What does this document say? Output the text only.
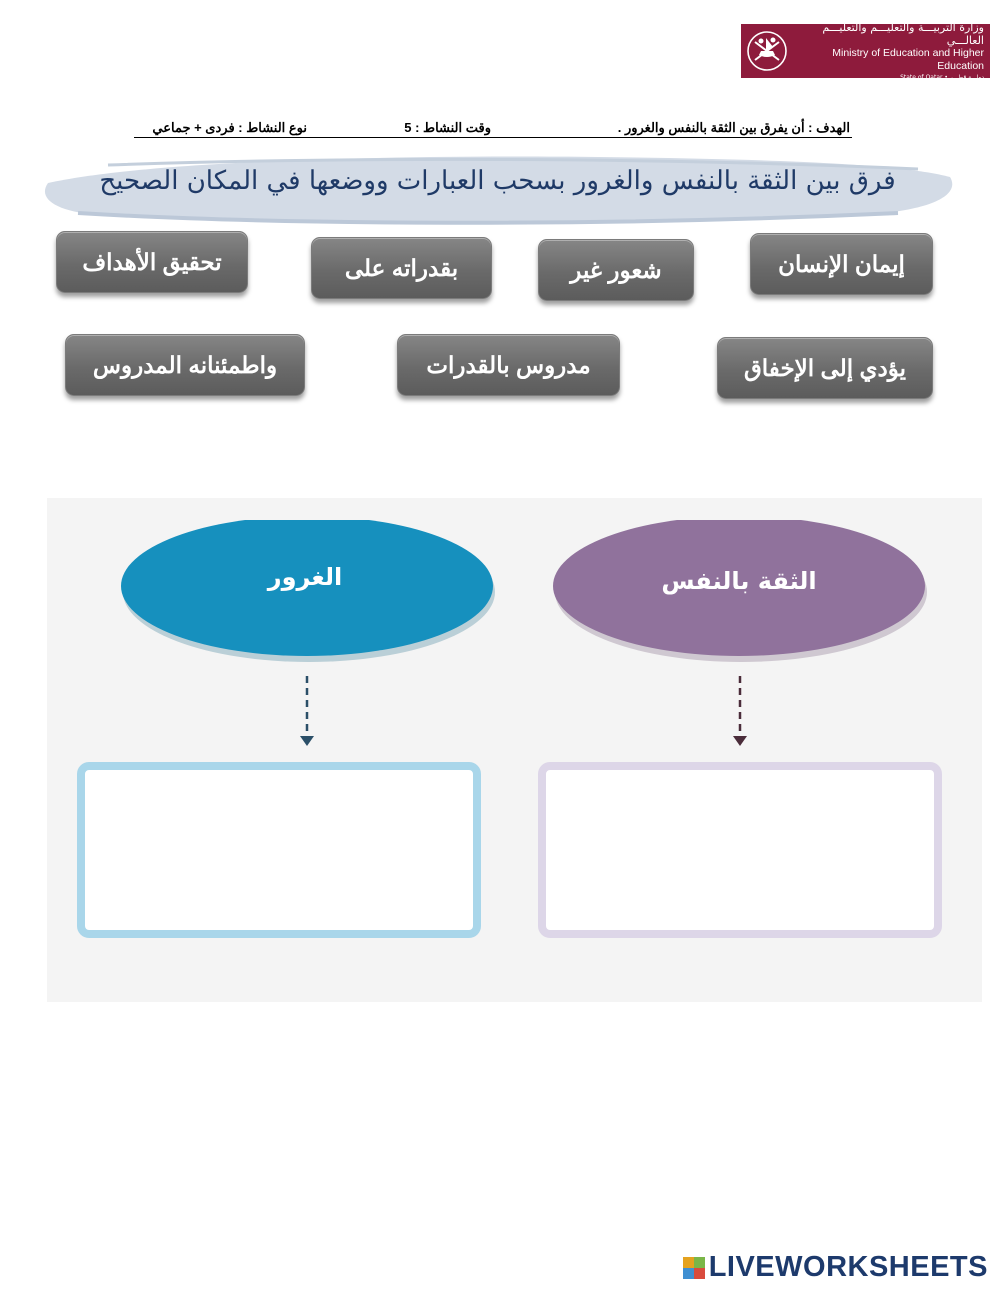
وزارة التربيـــة والتعليـــم والتعليـــم العالـــي
Ministry of Education and Higher Education
State of Qatar • دولـــة قطـــر
الهدف : أن يفرق بين الثقة بالنفس والغرور .
وقت النشاط : 5
نوع النشاط : فردى + جماعي
فرق بين الثقة بالنفس والغرور بسحب العبارات ووضعها في المكان الصحيح
إيمان الإنسان
شعور غير
بقدراته على
تحقيق الأهداف
يؤدي إلى الإخفاق
مدروس بالقدرات
واطمئنانه المدروس
الغرور	الثقة بالنفس
LIVEWORKSHEETS
